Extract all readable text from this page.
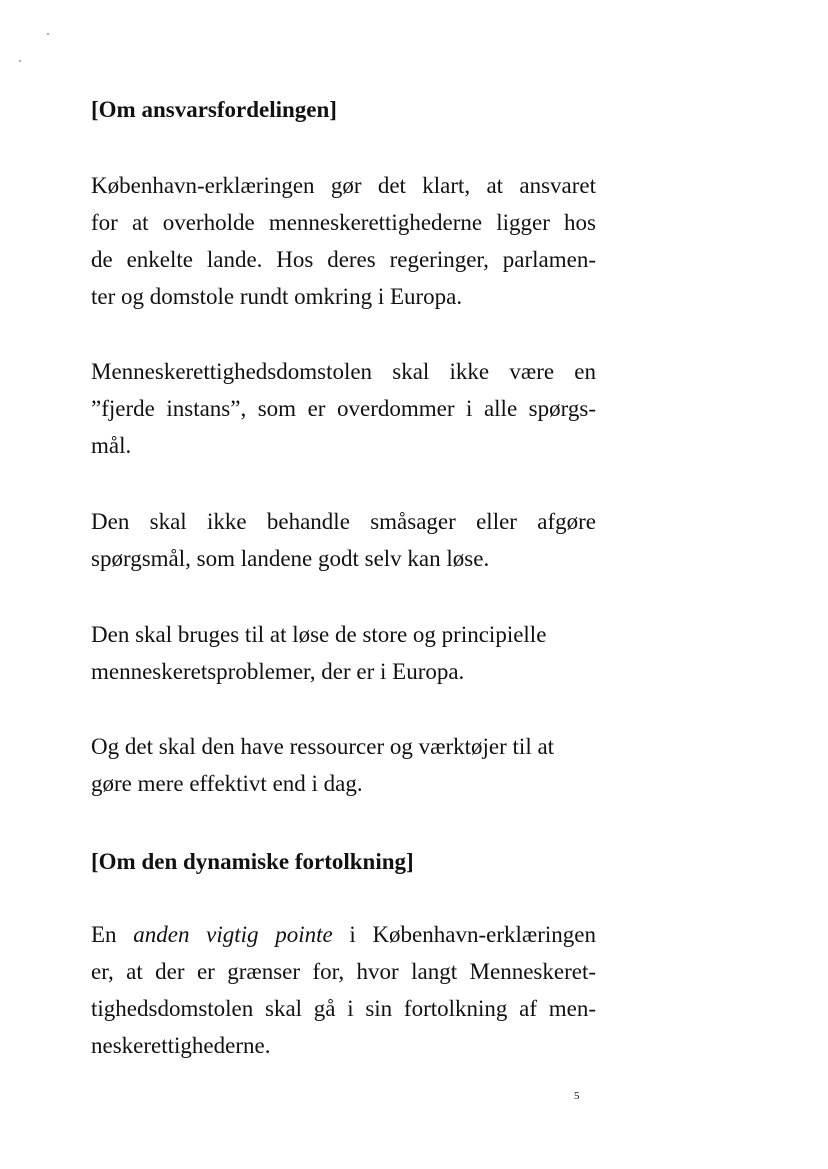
[Om ansvarsfordelingen]

København-erklæringen gør det klart, at ansvaret
for at overholde menneskerettighederne ligger hos
de enkelte lande. Hos deres regeringer, parlamen-
ter og domstole rundt omkring i Europa.

Menneskerettighedsdomstolen skal ikke være en
”fjerde instans”, som er overdommer i alle spørgs-
mål.

Den skal ikke behandle småsager eller afgøre
spørgsmål, som landene godt selv kan løse.

Den skal bruges til at løse de store og principielle
menneskeretsproblemer, der er i Europa.

Og det skal den have ressourcer og værktøjer til at
gøre mere effektivt end i dag.

[Om den dynamiske fortolkning]

En anden vigtig pointe i København-erklæringen
er, at der er grænser for, hvor langt Menneskeret-
tighedsdomstolen skal gå i sin fortolkning af men-
neskerettighederne.

5
